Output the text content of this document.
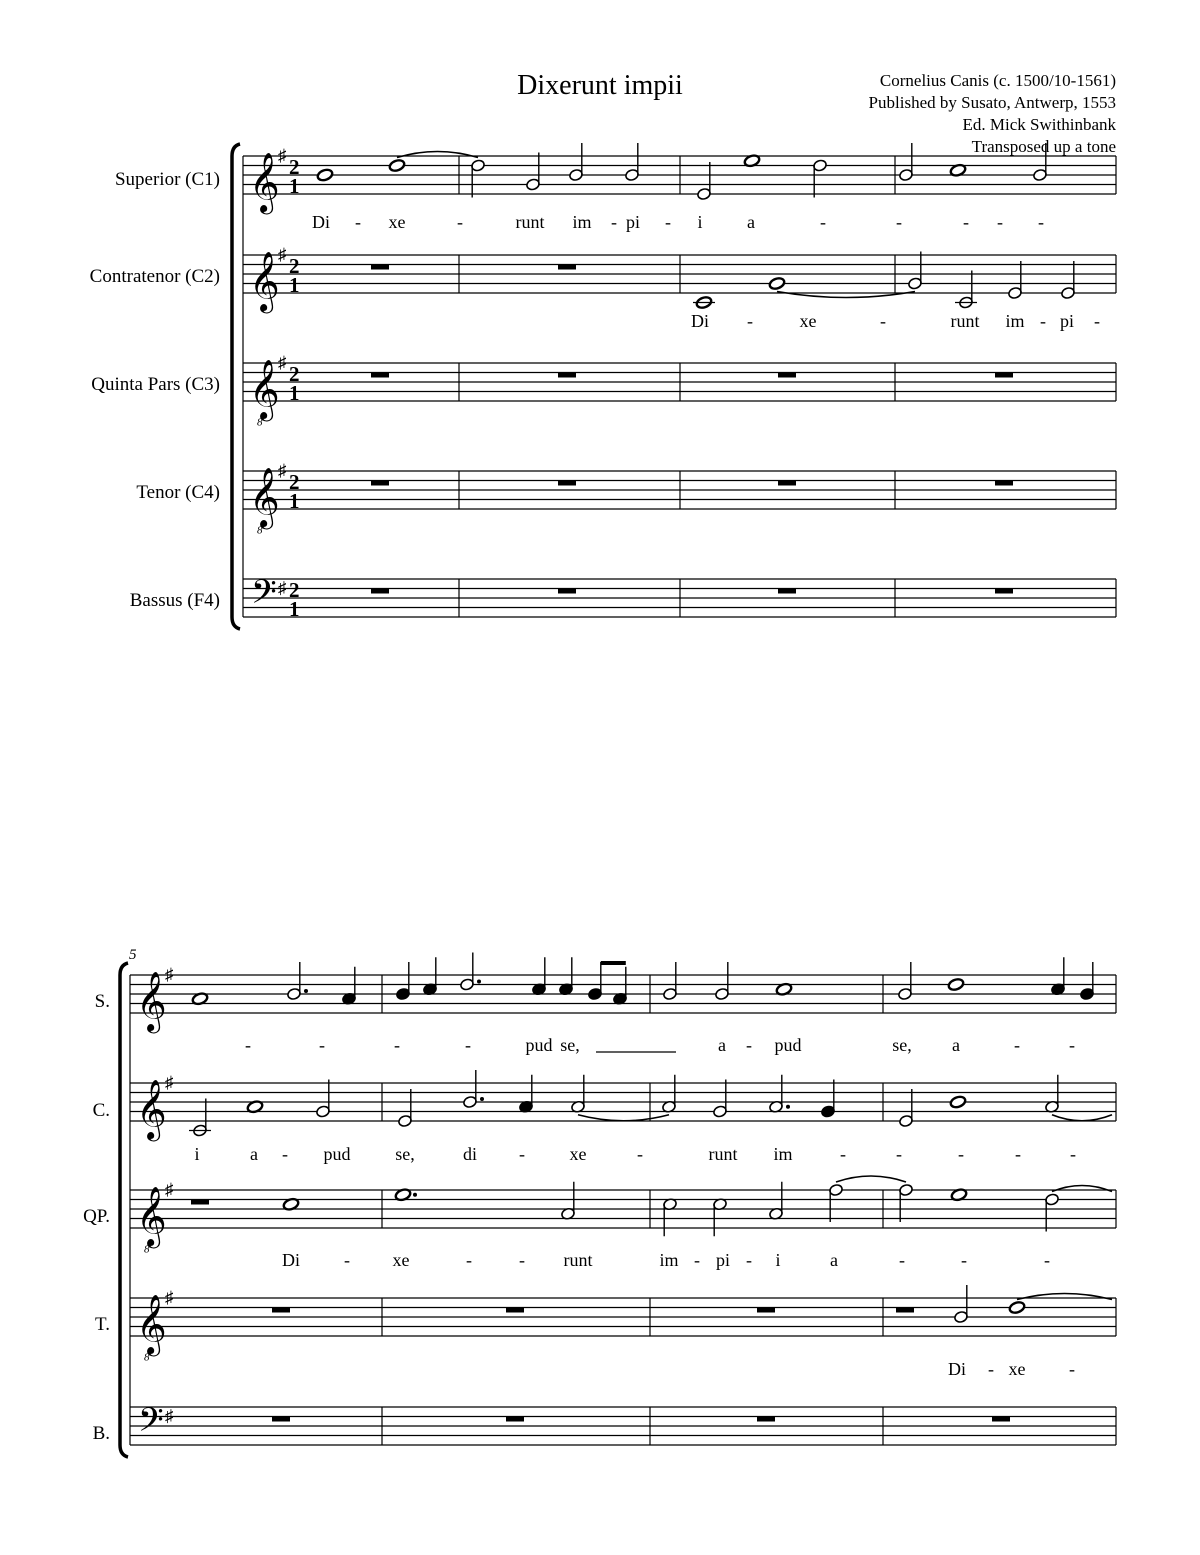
Dixerunt impii	Cornelius Canis (c. 1500/10-1561)
Published by Susato, Antwerp, 1553
Ed. Mick Swithinbank
Transposed up a tone
Superior (C1)
Contratenor (C2)
Quinta Pars (C3)
Tenor (C4)
Bassus (F4)
S.
C.
QP.
T.
B.
5
𝄞
♯ 2
1
𝄞
♯ 2
1
𝄞
8
♯ 2
1
𝄞
8
♯ 2
1
𝄢 ♯ 2
1
𝄞
♯
𝄞
♯
𝄞
8
♯
𝄞
8
♯
𝄢 ♯
Di - xe	-	runt im - pi - i a	-	-	- - -
Di -	xe	-	runt im - pi -
-	-	-	-	pud se,	a - pud	se, a	-	-
i	a - pud se,	di - xe	-	runt im	-	-	-	-	-
Di - xe	-	- runt	im - pi - i	a	-	-	-
Di - xe -
